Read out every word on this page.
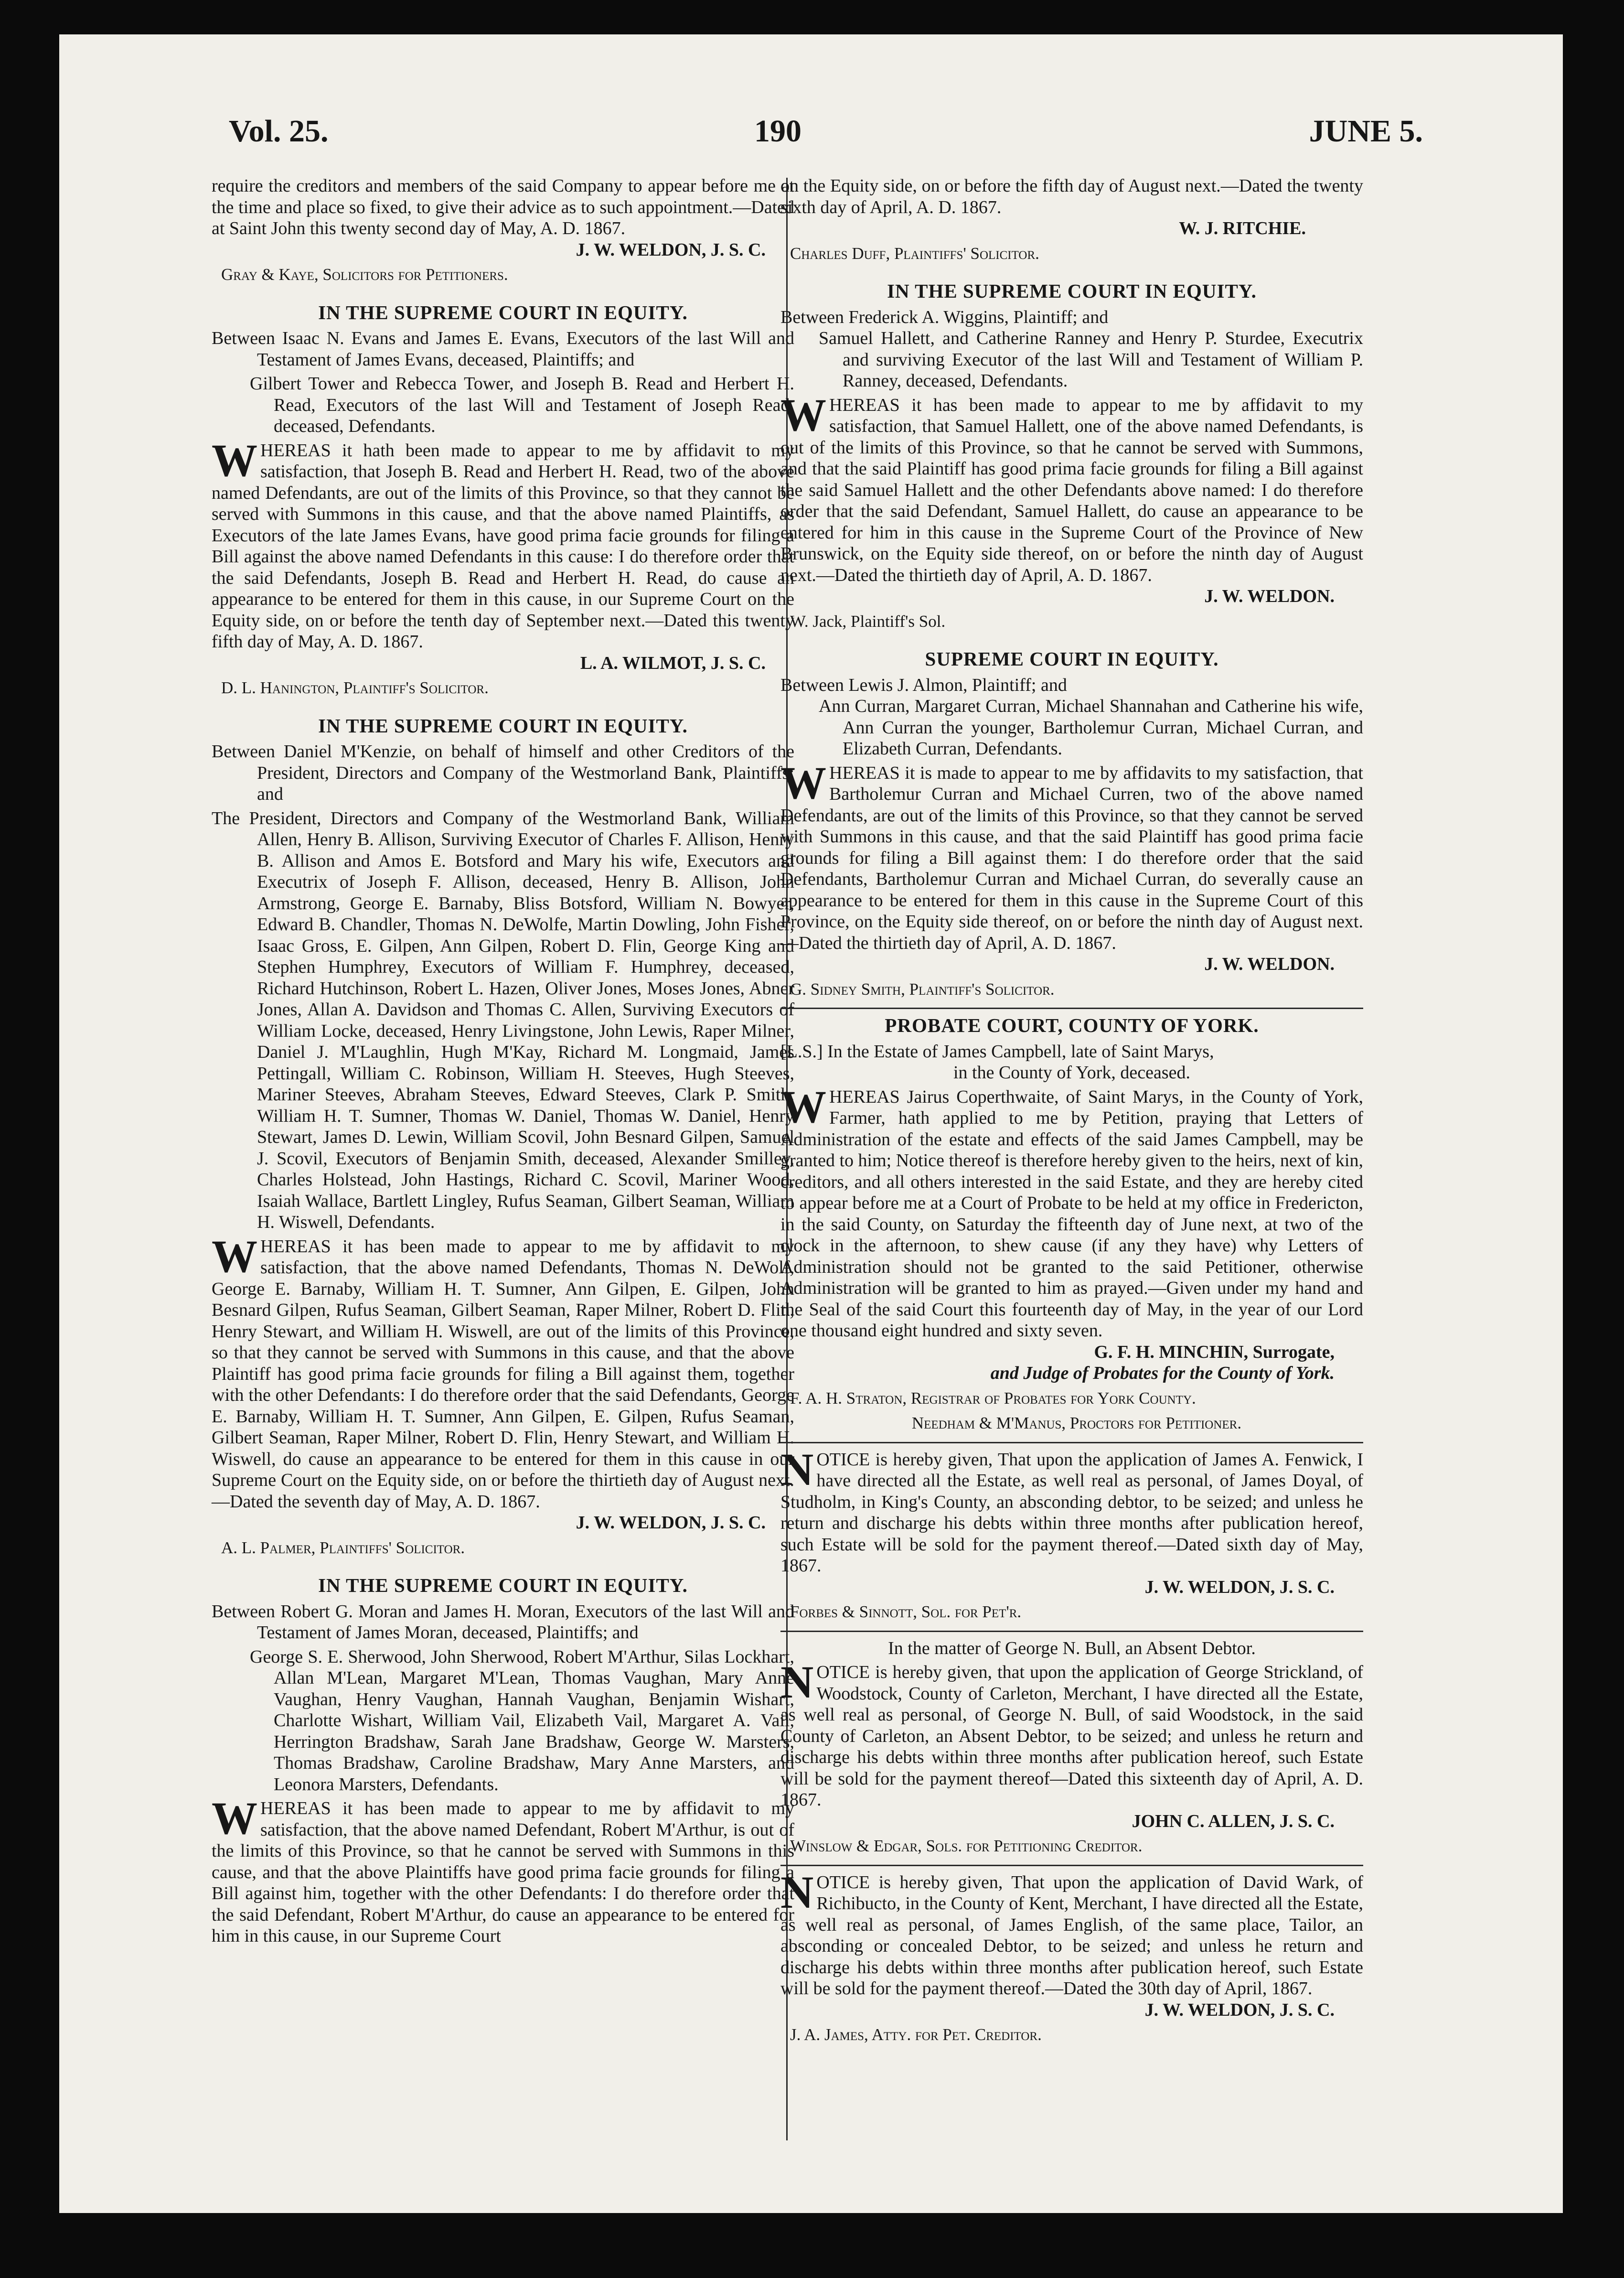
Vol. 25.	190	JUNE 5.

require the creditors and members of the said Company to appear before me at the time and place so fixed, to give their advice as to such appointment.—Dated at Saint John this twenty second day of May, A. D. 1867.

J. W. WELDON, J. S. C.

Gray & Kaye, Solicitors for Petitioners.

IN THE SUPREME COURT IN EQUITY.

Between Isaac N. Evans and James E. Evans, Executors of the last Will and Testament of James Evans, deceased, Plaintiffs; and

Gilbert Tower and Rebecca Tower, and Joseph B. Read and Herbert H. Read, Executors of the last Will and Testament of Joseph Read, deceased, Defendants.

WHEREAS it hath been made to appear to me by affidavit to my satisfaction, that Joseph B. Read and Herbert H. Read, two of the above named Defendants, are out of the limits of this Province, so that they cannot be served with Summons in this cause, and that the above named Plaintiffs, as Executors of the late James Evans, have good prima facie grounds for filing a Bill against the above named Defendants in this cause: I do therefore order that the said Defendants, Joseph B. Read and Herbert H. Read, do cause an appearance to be entered for them in this cause, in our Supreme Court on the Equity side, on or before the tenth day of September next.—Dated this twenty fifth day of May, A. D. 1867.

L. A. WILMOT, J. S. C.

D. L. Hanington, Plaintiff's Solicitor.

IN THE SUPREME COURT IN EQUITY.

Between Daniel M'Kenzie, on behalf of himself and other Creditors of the President, Directors and Company of the Westmorland Bank, Plaintiffs; and

The President, Directors and Company of the Westmorland Bank, William Allen, Henry B. Allison, Surviving Executor of Charles F. Allison, Henry B. Allison and Amos E. Botsford and Mary his wife, Executors and Executrix of Joseph F. Allison, deceased, Henry B. Allison, John Armstrong, George E. Barnaby, Bliss Botsford, William N. Bowyer, Edward B. Chandler, Thomas N. DeWolfe, Martin Dowling, John Fisher, Isaac Gross, E. Gilpen, Ann Gilpen, Robert D. Flin, George King and Stephen Humphrey, Executors of William F. Humphrey, deceased, Richard Hutchinson, Robert L. Hazen, Oliver Jones, Moses Jones, Abner Jones, Allan A. Davidson and Thomas C. Allen, Surviving Executors of William Locke, deceased, Henry Livingstone, John Lewis, Raper Milner, Daniel J. M'Laughlin, Hugh M'Kay, Richard M. Longmaid, James Pettingall, William C. Robinson, William H. Steeves, Hugh Steeves, Mariner Steeves, Abraham Steeves, Edward Steeves, Clark P. Smith, William H. T. Sumner, Thomas W. Daniel, Thomas W. Daniel, Henry Stewart, James D. Lewin, William Scovil, John Besnard Gilpen, Samuel J. Scovil, Executors of Benjamin Smith, deceased, Alexander Smilley, Charles Holstead, John Hastings, Richard C. Scovil, Mariner Wood, Isaiah Wallace, Bartlett Lingley, Rufus Seaman, Gilbert Seaman, William H. Wiswell, Defendants.

WHEREAS it has been made to appear to me by affidavit to my satisfaction, that the above named Defendants, Thomas N. DeWolf, George E. Barnaby, William H. T. Sumner, Ann Gilpen, E. Gilpen, John Besnard Gilpen, Rufus Seaman, Gilbert Seaman, Raper Milner, Robert D. Flin, Henry Stewart, and William H. Wiswell, are out of the limits of this Province, so that they cannot be served with Summons in this cause, and that the above Plaintiff has good prima facie grounds for filing a Bill against them, together with the other Defendants: I do therefore order that the said Defendants, George E. Barnaby, William H. T. Sumner, Ann Gilpen, E. Gilpen, Rufus Seaman, Gilbert Seaman, Raper Milner, Robert D. Flin, Henry Stewart, and William H. Wiswell, do cause an appearance to be entered for them in this cause in our Supreme Court on the Equity side, on or before the thirtieth day of August next.—Dated the seventh day of May, A. D. 1867.

J. W. WELDON, J. S. C.

A. L. Palmer, Plaintiffs' Solicitor.

IN THE SUPREME COURT IN EQUITY.

Between Robert G. Moran and James H. Moran, Executors of the last Will and Testament of James Moran, deceased, Plaintiffs; and

George S. E. Sherwood, John Sherwood, Robert M'Arthur, Silas Lockhart, Allan M'Lean, Margaret M'Lean, Thomas Vaughan, Mary Anne Vaughan, Henry Vaughan, Hannah Vaughan, Benjamin Wishart, Charlotte Wishart, William Vail, Elizabeth Vail, Margaret A. Vail, Herrington Bradshaw, Sarah Jane Bradshaw, George W. Marsters, Thomas Bradshaw, Caroline Bradshaw, Mary Anne Marsters, and Leonora Marsters, Defendants.

WHEREAS it has been made to appear to me by affidavit to my satisfaction, that the above named Defendant, Robert M'Arthur, is out of the limits of this Province, so that he cannot be served with Summons in this cause, and that the above Plaintiffs have good prima facie grounds for filing a Bill against him, together with the other Defendants: I do therefore order that the said Defendant, Robert M'Arthur, do cause an appearance to be entered for him in this cause, in our Supreme Court

on the Equity side, on or before the fifth day of August next.—Dated the twenty sixth day of April, A. D. 1867.

W. J. RITCHIE.

Charles Duff, Plaintiffs' Solicitor.

IN THE SUPREME COURT IN EQUITY.

Between Frederick A. Wiggins, Plaintiff; and

Samuel Hallett, and Catherine Ranney and Henry P. Sturdee, Executrix and surviving Executor of the last Will and Testament of William P. Ranney, deceased, Defendants.

WHEREAS it has been made to appear to me by affidavit to my satisfaction, that Samuel Hallett, one of the above named Defendants, is out of the limits of this Province, so that he cannot be served with Summons, and that the said Plaintiff has good prima facie grounds for filing a Bill against the said Samuel Hallett and the other Defendants above named: I do therefore order that the said Defendant, Samuel Hallett, do cause an appearance to be entered for him in this cause in the Supreme Court of the Province of New Brunswick, on the Equity side thereof, on or before the ninth day of August next.—Dated the thirtieth day of April, A. D. 1867.

J. W. WELDON.

W. Jack, Plaintiff's Sol.

SUPREME COURT IN EQUITY.

Between Lewis J. Almon, Plaintiff; and

Ann Curran, Margaret Curran, Michael Shannahan and Catherine his wife, Ann Curran the younger, Bartholemur Curran, Michael Curran, and Elizabeth Curran, Defendants.

WHEREAS it is made to appear to me by affidavits to my satisfaction, that Bartholemur Curran and Michael Curren, two of the above named Defendants, are out of the limits of this Province, so that they cannot be served with Summons in this cause, and that the said Plaintiff has good prima facie grounds for filing a Bill against them: I do therefore order that the said Defendants, Bartholemur Curran and Michael Curran, do severally cause an appearance to be entered for them in this cause in the Supreme Court of this Province, on the Equity side thereof, on or before the ninth day of August next.—Dated the thirtieth day of April, A. D. 1867.

J. W. WELDON.

G. Sidney Smith, Plaintiff's Solicitor.

PROBATE COURT, COUNTY OF YORK.

[L.S.] In the Estate of James Campbell, late of Saint Marys,

in the County of York, deceased.

WHEREAS Jairus Coperthwaite, of Saint Marys, in the County of York, Farmer, hath applied to me by Petition, praying that Letters of Administration of the estate and effects of the said James Campbell, may be granted to him; Notice thereof is therefore hereby given to the heirs, next of kin, creditors, and all others interested in the said Estate, and they are hereby cited to appear before me at a Court of Probate to be held at my office in Fredericton, in the said County, on Saturday the fifteenth day of June next, at two of the clock in the afternoon, to shew cause (if any they have) why Letters of Administration should not be granted to the said Petitioner, otherwise Administration will be granted to him as prayed.—Given under my hand and the Seal of the said Court this fourteenth day of May, in the year of our Lord one thousand eight hundred and sixty seven.

G. F. H. MINCHIN, Surrogate,

and Judge of Probates for the County of York.

F. A. H. Straton, Registrar of Probates for York County.

Needham & M'Manus, Proctors for Petitioner.

NOTICE is hereby given, That upon the application of James A. Fenwick, I have directed all the Estate, as well real as personal, of James Doyal, of Studholm, in King's County, an absconding debtor, to be seized; and unless he return and discharge his debts within three months after publication hereof, such Estate will be sold for the payment thereof.—Dated sixth day of May, 1867.

J. W. WELDON, J. S. C.

Forbes & Sinnott, Sol. for Pet'r.

In the matter of George N. Bull, an Absent Debtor.

NOTICE is hereby given, that upon the application of George Strickland, of Woodstock, County of Carleton, Merchant, I have directed all the Estate, as well real as personal, of George N. Bull, of said Woodstock, in the said County of Carleton, an Absent Debtor, to be seized; and unless he return and discharge his debts within three months after publication hereof, such Estate will be sold for the payment thereof—Dated this sixteenth day of April, A. D. 1867.

JOHN C. ALLEN, J. S. C.

Winslow & Edgar, Sols. for Petitioning Creditor.

NOTICE is hereby given, That upon the application of David Wark, of Richibucto, in the County of Kent, Merchant, I have directed all the Estate, as well real as personal, of James English, of the same place, Tailor, an absconding or concealed Debtor, to be seized; and unless he return and discharge his debts within three months after publication hereof, such Estate will be sold for the payment thereof.—Dated the 30th day of April, 1867.

J. W. WELDON, J. S. C.

J. A. James, Atty. for Pet. Creditor.
